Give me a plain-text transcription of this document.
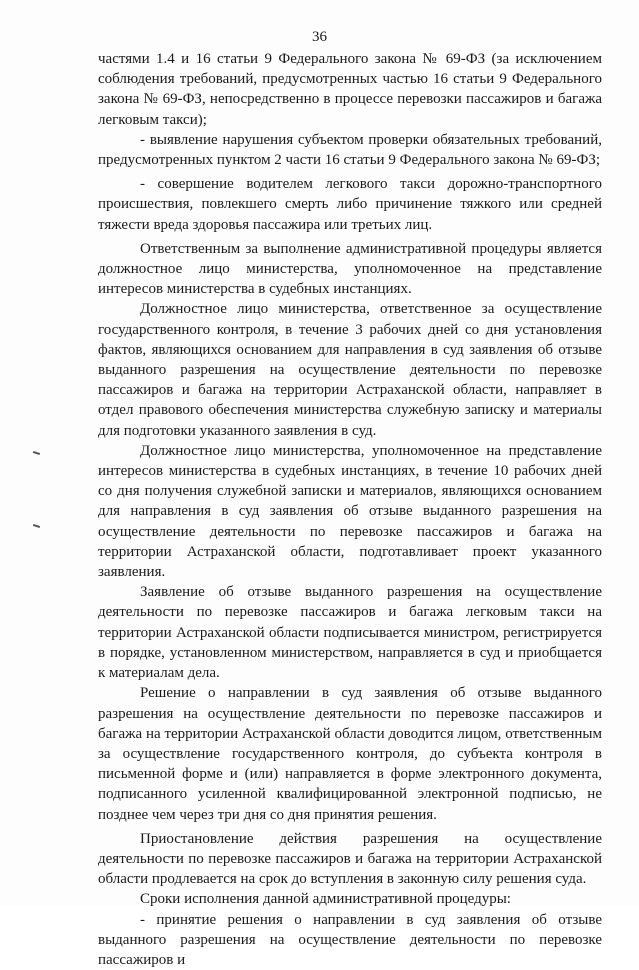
36

частями 1.4 и 16 статьи 9 Федерального закона № 69-ФЗ (за исключением соблюдения требований, предусмотренных частью 16 статьи 9 Федерального закона № 69-ФЗ, непосредственно в процессе перевозки пассажиров и багажа легковым такси);

- выявление нарушения субъектом проверки обязательных требований, предусмотренных пунктом 2 части 16 статьи 9 Федерального закона № 69-ФЗ;

- совершение водителем легкового такси дорожно-транспортного происшествия, повлекшего смерть либо причинение тяжкого или средней тяжести вреда здоровья пассажира или третьих лиц.

Ответственным за выполнение административной процедуры является должностное лицо министерства, уполномоченное на представление интересов министерства в судебных инстанциях.

Должностное лицо министерства, ответственное за осуществление государственного контроля, в течение 3 рабочих дней со дня установления фактов, являющихся основанием для направления в суд заявления об отзыве выданного разрешения на осуществление деятельности по перевозке пассажиров и багажа на территории Астраханской области, направляет в отдел правового обеспечения министерства служебную записку и материалы для подготовки указанного заявления в суд.

Должностное лицо министерства, уполномоченное на представление интересов министерства в судебных инстанциях, в течение 10 рабочих дней со дня получения служебной записки и материалов, являющихся основанием для направления в суд заявления об отзыве выданного разрешения на осуществление деятельности по перевозке пассажиров и багажа на территории Астраханской области, подготавливает проект указанного заявления.

Заявление об отзыве выданного разрешения на осуществление деятельности по перевозке пассажиров и багажа легковым такси на территории Астраханской области подписывается министром, регистрируется в порядке, установленном министерством, направляется в суд и приобщается к материалам дела.

Решение о направлении в суд заявления об отзыве выданного разрешения на осуществление деятельности по перевозке пассажиров и багажа на территории Астраханской области доводится лицом, ответственным за осуществление государственного контроля, до субъекта контроля в письменной форме и (или) направляется в форме электронного документа, подписанного усиленной квалифицированной электронной подписью, не позднее чем через три дня со дня принятия решения.

Приостановление действия разрешения на осуществление деятельности по перевозке пассажиров и багажа на территории Астраханской области продлевается на срок до вступления в законную силу решения суда.

Сроки исполнения данной административной процедуры:

- принятие решения о направлении в суд заявления об отзыве выданного разрешения на осуществление деятельности по перевозке пассажиров и
